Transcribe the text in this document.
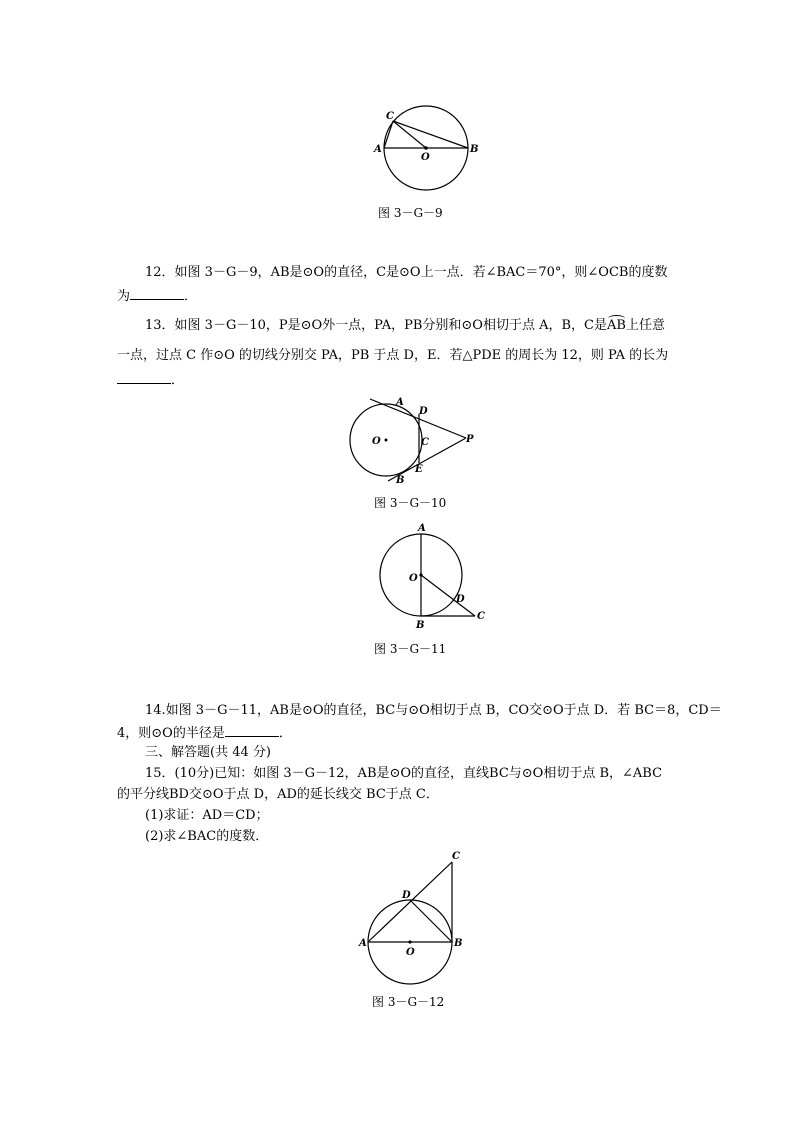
C
A	B
O
图 3－G－9
12．如图 3－G－9，AB是⊙O的直径，C是⊙O上一点．若∠BAC＝70°，则∠OCB的度数
为	．
13．如图 3－G－10，P是⊙O外一点，PA，PB分别和⊙O相切于点 A，B，C是
AB上任意
一点，过点 C 作⊙O 的切线分别交 PA，PB 于点 D，E．若△PDE 的周长为 12，则 PA 的长为
．
A
D
O	C	P
E
B
图 3－G－10
A
O
D
B
C
图 3－G－11
14.如图 3－G－11，AB是⊙O的直径，BC与⊙O相切于点 B，CO交⊙O于点 D．若 BC＝8，CD＝
4，则⊙O的半径是	．
三、解答题(共 44 分)
15．(10分)已知：如图 3－G－12，AB是⊙O的直径，直线BC与⊙O相切于点 B，∠ABC
的平分线BD交⊙O于点 D，AD的延长线交 BC于点 C．
(1)求证：AD＝CD；
(2)求∠BAC的度数．
C
D
A	B
O
图 3－G－12
